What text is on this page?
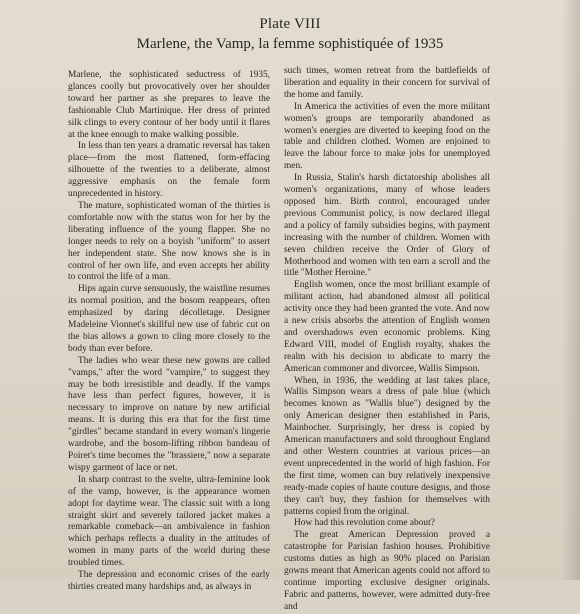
Plate VIII
Marlene, the Vamp, la femme sophistiquée of 1935

Marlene, the sophisticated seductress of 1935, glances coolly but provocatively over her shoulder toward her partner as she prepares to leave the fashionable Club Martinique. Her dress of printed silk clings to every contour of her body until it flares at the knee enough to make walking possible.

In less than ten years a dramatic reversal has taken place—from the most flattened, form-effacing silhouette of the twenties to a deliberate, almost aggressive emphasis on the female form unprecedented in history.

The mature, sophisticated woman of the thirties is comfortable now with the status won for her by the liberating influence of the young flapper. She no longer needs to rely on a boyish "uniform" to assert her independent state. She now knows she is in control of her own life, and even accepts her ability to control the life of a man.

Hips again curve sensuously, the waistline resumes its normal position, and the bosom reappears, often emphasized by daring décolletage. Designer Madeleine Vionnet's skillful new use of fabric cut on the bias allows a gown to cling more closely to the body than ever before.

The ladies who wear these new gowns are called "vamps," after the word "vampire," to suggest they may be both irresistible and deadly. If the vamps have less than perfect figures, however, it is necessary to improve on nature by new artificial means. It is during this era that for the first time "girdles" became standard in every woman's lingerie wardrobe, and the bosom-lifting ribbon bandeau of Poiret's time becomes the "brassiere," now a separate wispy garment of lace or net.

In sharp contrast to the svelte, ultra-feminine look of the vamp, however, is the appearance women adopt for daytime wear. The classic suit with a long straight skirt and severely tailored jacket makes a remarkable comeback—an ambivalence in fashion which perhaps reflects a duality in the attitudes of women in many parts of the world during these troubled times.

The depression and economic crises of the early thirties created many hardships and, as always in

such times, women retreat from the battlefields of liberation and equality in their concern for survival of the home and family.

In America the activities of even the more militant women's groups are temporarily abandoned as women's energies are diverted to keeping food on the table and children clothed. Women are enjoined to leave the labour force to make jobs for unemployed men.

In Russia, Stalin's harsh dictatorship abolishes all women's organizations, many of whose leaders opposed him. Birth control, encouraged under previous Communist policy, is now declared illegal and a policy of family subsidies begins, with payment increasing with the number of children. Women with seven children receive the Order of Glory of Motherhood and women with ten earn a scroll and the title "Mother Heroine."

English women, once the most brilliant example of militant action, had abandoned almost all political activity once they had been granted the vote. And now a new crisis absorbs the attention of English women and overshadows even economic problems. King Edward VIII, model of English royalty, shakes the realm with his decision to abdicate to marry the American commoner and divorcee, Wallis Simpson.

When, in 1936, the wedding at last takes place, Wallis Simpson wears a dress of pale blue (which becomes known as "Wallis blue") designed by the only American designer then established in Paris, Mainbocher. Surprisingly, her dress is copied by American manufacturers and sold throughout England and other Western countries at various prices—an event unprecedented in the world of high fashion. For the first time, women can buy relatively inexpensive ready-made copies of haute couture designs, and those they can't buy, they fashion for themselves with patterns copied from the original.

How had this revolution come about?

The great American Depression proved a catastrophe for Parisian fashion houses. Prohibitive customs duties as high as 90% placed on Parisian gowns meant that American agents could not afford to continue importing exclusive designer originals. Fabric and patterns, however, were admitted duty-free and
